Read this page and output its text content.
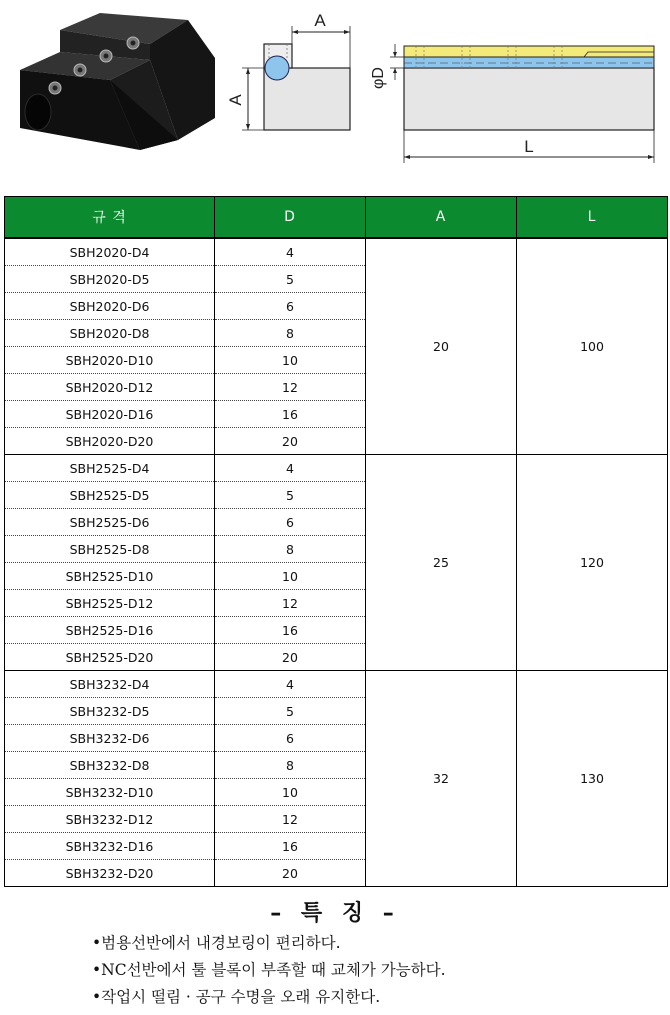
A
A
φD
L
규 격	D	A	L
SBH2020-D4	4	20	100
SBH2020-D5	5		
SBH2020-D6	6		
SBH2020-D8	8		
SBH2020-D10	10		
SBH2020-D12	12		
SBH2020-D16	16		
SBH2020-D20	20		
SBH2525-D4	4	25	120
SBH2525-D5	5		
SBH2525-D6	6		
SBH2525-D8	8		
SBH2525-D10	10		
SBH2525-D12	12		
SBH2525-D16	16		
SBH2525-D20	20		
SBH3232-D4	4	32	130
SBH3232-D5	5		
SBH3232-D6	6		
SBH3232-D8	8		
SBH3232-D10	10		
SBH3232-D12	12		
SBH3232-D16	16		
SBH3232-D20	20		
– 특 징 –
•범용선반에서 내경보링이 편리하다.
•NC선반에서 툴 블록이 부족할 때 교체가 가능하다.
•작업시 떨림 · 공구 수명을 오래 유지한다.
